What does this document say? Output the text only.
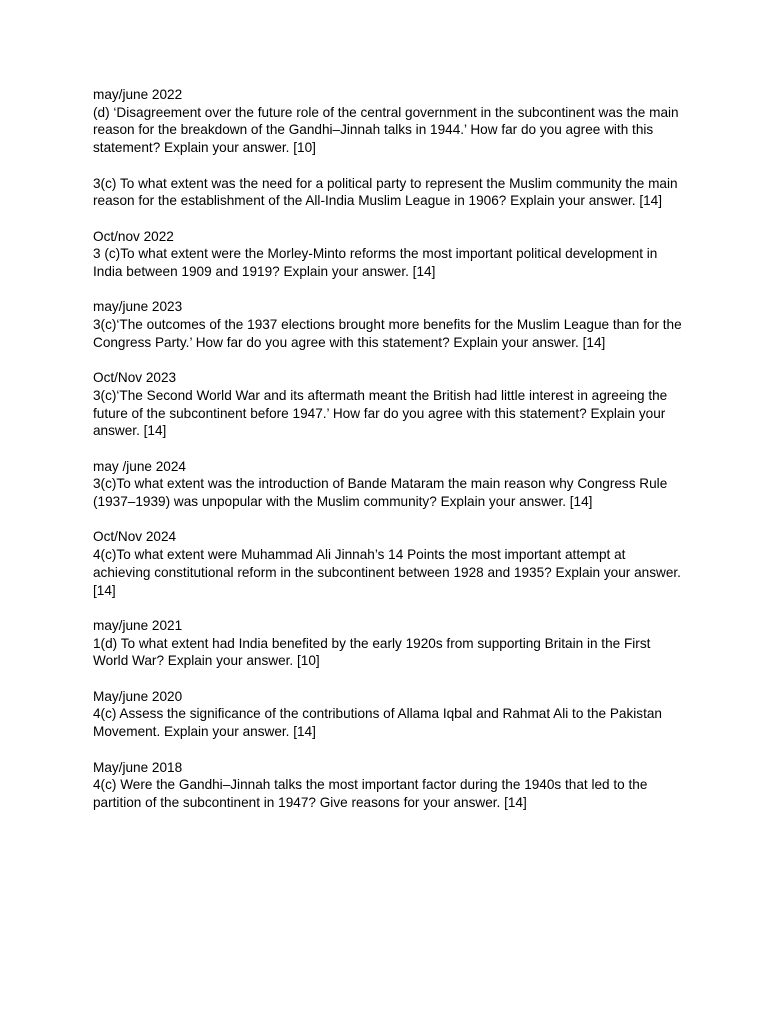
may/june 2022
(d) ‘Disagreement over the future role of the central government in the subcontinent was the main reason for the breakdown of the Gandhi–Jinnah talks in 1944.’ How far do you agree with this statement? Explain your answer. [10]
3(c) To what extent was the need for a political party to represent the Muslim community the main reason for the establishment of the All-India Muslim League in 1906? Explain your answer. [14]
Oct/nov 2022
3 (c)To what extent were the Morley-Minto reforms the most important political development in India between 1909 and 1919? Explain your answer. [14]
may/june 2023
3(c)‘The outcomes of the 1937 elections brought more benefits for the Muslim League than for the Congress Party.’ How far do you agree with this statement? Explain your answer. [14]
Oct/Nov 2023
3(c)‘The Second World War and its aftermath meant the British had little interest in agreeing the future of the subcontinent before 1947.’ How far do you agree with this statement? Explain your answer. [14]
may /june 2024
3(c)To what extent was the introduction of Bande Mataram the main reason why Congress Rule (1937–1939) was unpopular with the Muslim community? Explain your answer. [14]
Oct/Nov 2024
4(c)To what extent were Muhammad Ali Jinnah’s 14 Points the most important attempt at achieving constitutional reform in the subcontinent between 1928 and 1935? Explain your answer. [14]
may/june 2021
1(d) To what extent had India benefited by the early 1920s from supporting Britain in the First World War? Explain your answer. [10]
May/june 2020
4(c) Assess the significance of the contributions of Allama Iqbal and Rahmat Ali to the Pakistan Movement. Explain your answer. [14]
May/june 2018
4(c) Were the Gandhi–Jinnah talks the most important factor during the 1940s that led to the partition of the subcontinent in 1947? Give reasons for your answer. [14]
